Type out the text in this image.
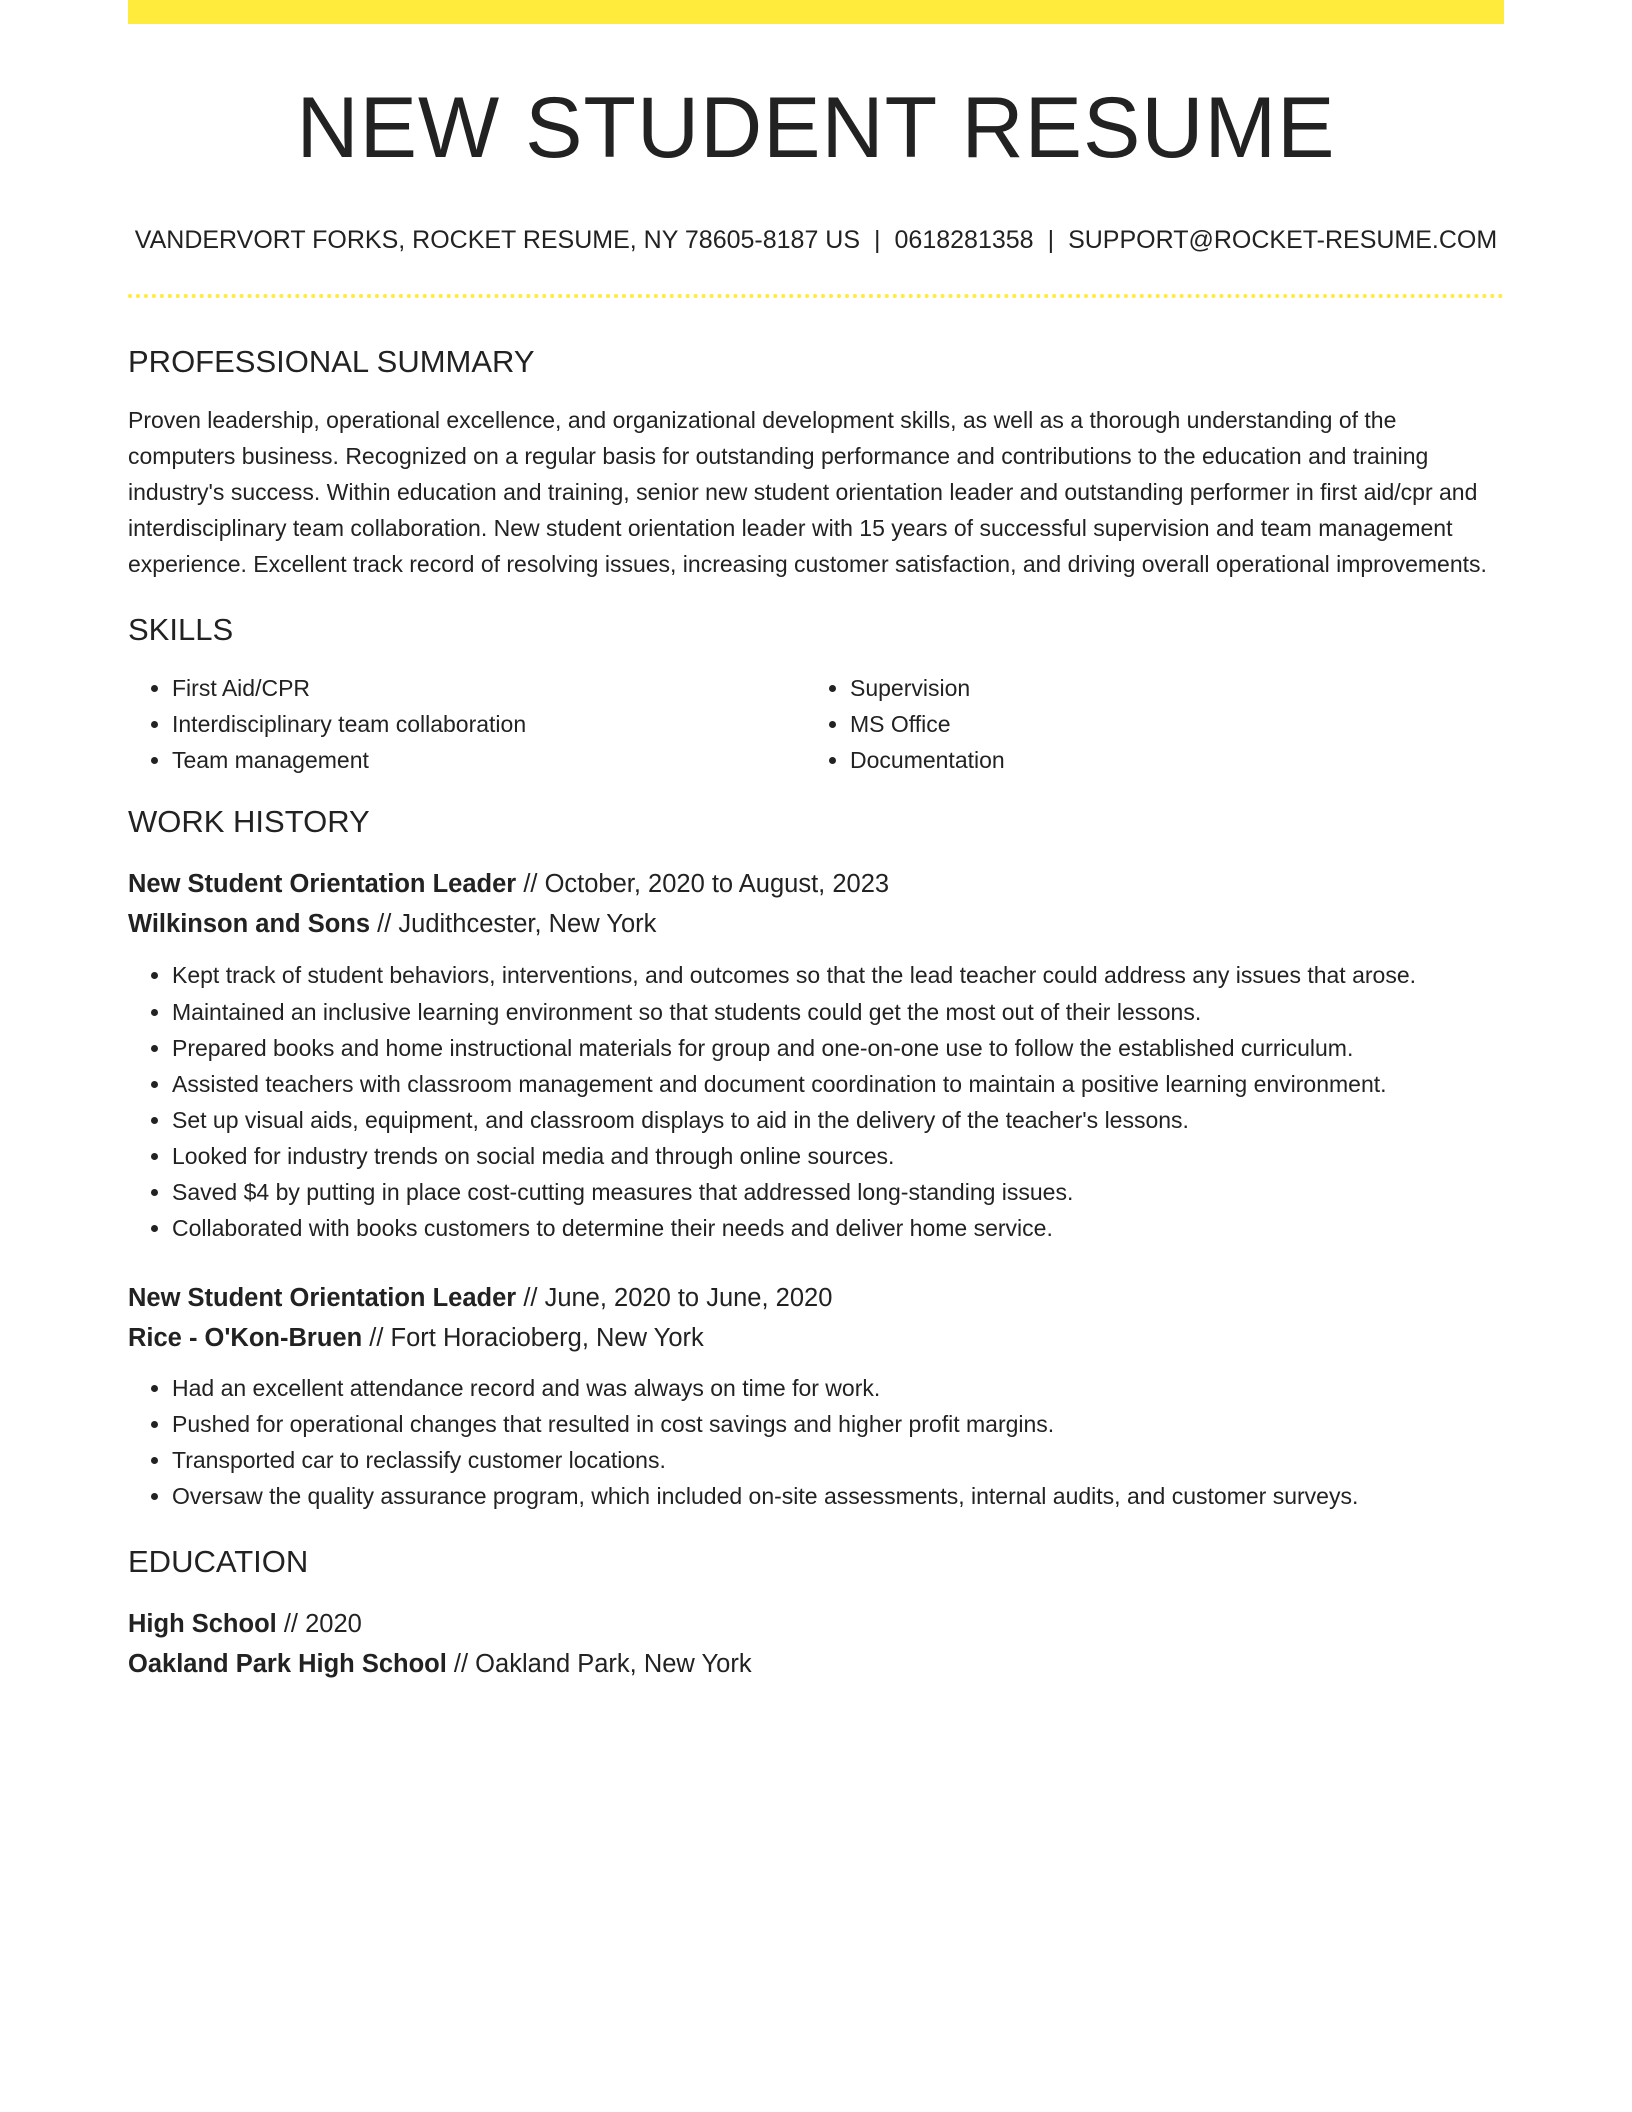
NEW STUDENT RESUME
VANDERVORT FORKS, ROCKET RESUME, NY 78605-8187 US | 0618281358 | SUPPORT@ROCKET-RESUME.COM
PROFESSIONAL SUMMARY
Proven leadership, operational excellence, and organizational development skills, as well as a thorough understanding of the computers business. Recognized on a regular basis for outstanding performance and contributions to the education and training industry's success. Within education and training, senior new student orientation leader and outstanding performer in first aid/cpr and interdisciplinary team collaboration. New student orientation leader with 15 years of successful supervision and team management experience. Excellent track record of resolving issues, increasing customer satisfaction, and driving overall operational improvements.
SKILLS
• First Aid/CPR
• Interdisciplinary team collaboration
• Team management
• Supervision
• MS Office
• Documentation
WORK HISTORY
New Student Orientation Leader // October, 2020 to August, 2023
Wilkinson and Sons // Judithcester, New York
• Kept track of student behaviors, interventions, and outcomes so that the lead teacher could address any issues that arose.
• Maintained an inclusive learning environment so that students could get the most out of their lessons.
• Prepared books and home instructional materials for group and one-on-one use to follow the established curriculum.
• Assisted teachers with classroom management and document coordination to maintain a positive learning environment.
• Set up visual aids, equipment, and classroom displays to aid in the delivery of the teacher's lessons.
• Looked for industry trends on social media and through online sources.
• Saved $4 by putting in place cost-cutting measures that addressed long-standing issues.
• Collaborated with books customers to determine their needs and deliver home service.
New Student Orientation Leader // June, 2020 to June, 2020
Rice - O'Kon-Bruen // Fort Horacioberg, New York
• Had an excellent attendance record and was always on time for work.
• Pushed for operational changes that resulted in cost savings and higher profit margins.
• Transported car to reclassify customer locations.
• Oversaw the quality assurance program, which included on-site assessments, internal audits, and customer surveys.
EDUCATION
High School // 2020
Oakland Park High School // Oakland Park, New York
